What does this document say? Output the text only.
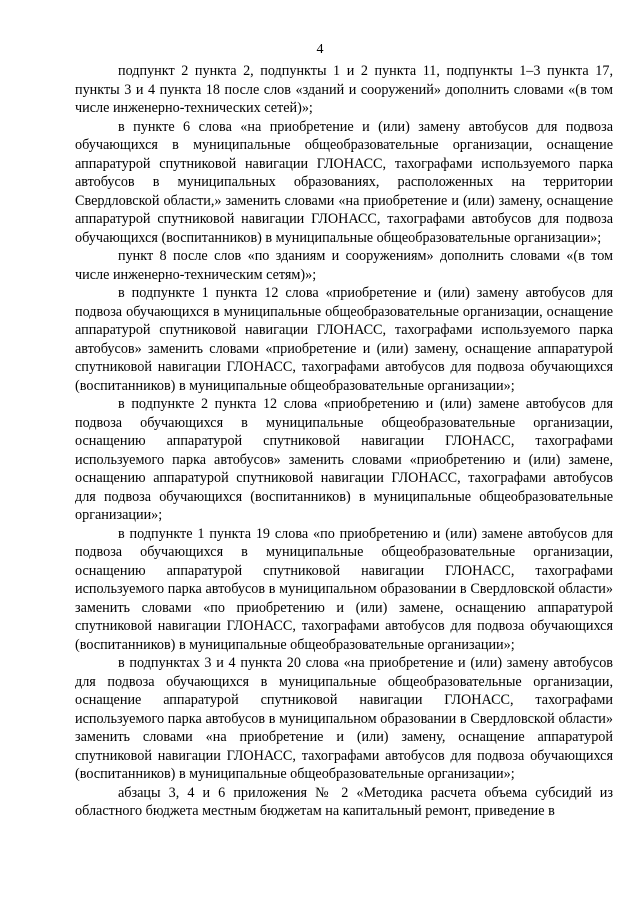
4

подпункт 2 пункта 2, подпункты 1 и 2 пункта 11, подпункты 1–3 пункта 17, пункты 3 и 4 пункта 18 после слов «зданий и сооружений» дополнить словами «(в том числе инженерно-технических сетей)»;

в пункте 6 слова «на приобретение и (или) замену автобусов для подвоза обучающихся в муниципальные общеобразовательные организации, оснащение аппаратурой спутниковой навигации ГЛОНАСС, тахографами используемого парка автобусов в муниципальных образованиях, расположенных на территории Свердловской области,» заменить словами «на приобретение и (или) замену, оснащение аппаратурой спутниковой навигации ГЛОНАСС, тахографами автобусов для подвоза обучающихся (воспитанников) в муниципальные общеобразовательные организации»;

пункт 8 после слов «по зданиям и сооружениям» дополнить словами «(в том числе инженерно-техническим сетям)»;

в подпункте 1 пункта 12 слова «приобретение и (или) замену автобусов для подвоза обучающихся в муниципальные общеобразовательные организации, оснащение аппаратурой спутниковой навигации ГЛОНАСС, тахографами используемого парка автобусов» заменить словами «приобретение и (или) замену, оснащение аппаратурой спутниковой навигации ГЛОНАСС, тахографами автобусов для подвоза обучающихся (воспитанников) в муниципальные общеобразовательные организации»;

в подпункте 2 пункта 12 слова «приобретению и (или) замене автобусов для подвоза обучающихся в муниципальные общеобразовательные организации, оснащению аппаратурой спутниковой навигации ГЛОНАСС, тахографами используемого парка автобусов» заменить словами «приобретению и (или) замене, оснащению аппаратурой спутниковой навигации ГЛОНАСС, тахографами автобусов для подвоза обучающихся (воспитанников) в муниципальные общеобразовательные организации»;

в подпункте 1 пункта 19 слова «по приобретению и (или) замене автобусов для подвоза обучающихся в муниципальные общеобразовательные организации, оснащению аппаратурой спутниковой навигации ГЛОНАСС, тахографами используемого парка автобусов в муниципальном образовании в Свердловской области» заменить словами «по приобретению и (или) замене, оснащению аппаратурой спутниковой навигации ГЛОНАСС, тахографами автобусов для подвоза обучающихся (воспитанников) в муниципальные общеобразовательные организации»;

в подпунктах 3 и 4 пункта 20 слова «на приобретение и (или) замену автобусов для подвоза обучающихся в муниципальные общеобразовательные организации, оснащение аппаратурой спутниковой навигации ГЛОНАСС, тахографами используемого парка автобусов в муниципальном образовании в Свердловской области» заменить словами «на приобретение и (или) замену, оснащение аппаратурой спутниковой навигации ГЛОНАСС, тахографами автобусов для подвоза обучающихся (воспитанников) в муниципальные общеобразовательные организации»;

абзацы 3, 4 и 6 приложения № 2 «Методика расчета объема субсидий из областного бюджета местным бюджетам на капитальный ремонт, приведение в
